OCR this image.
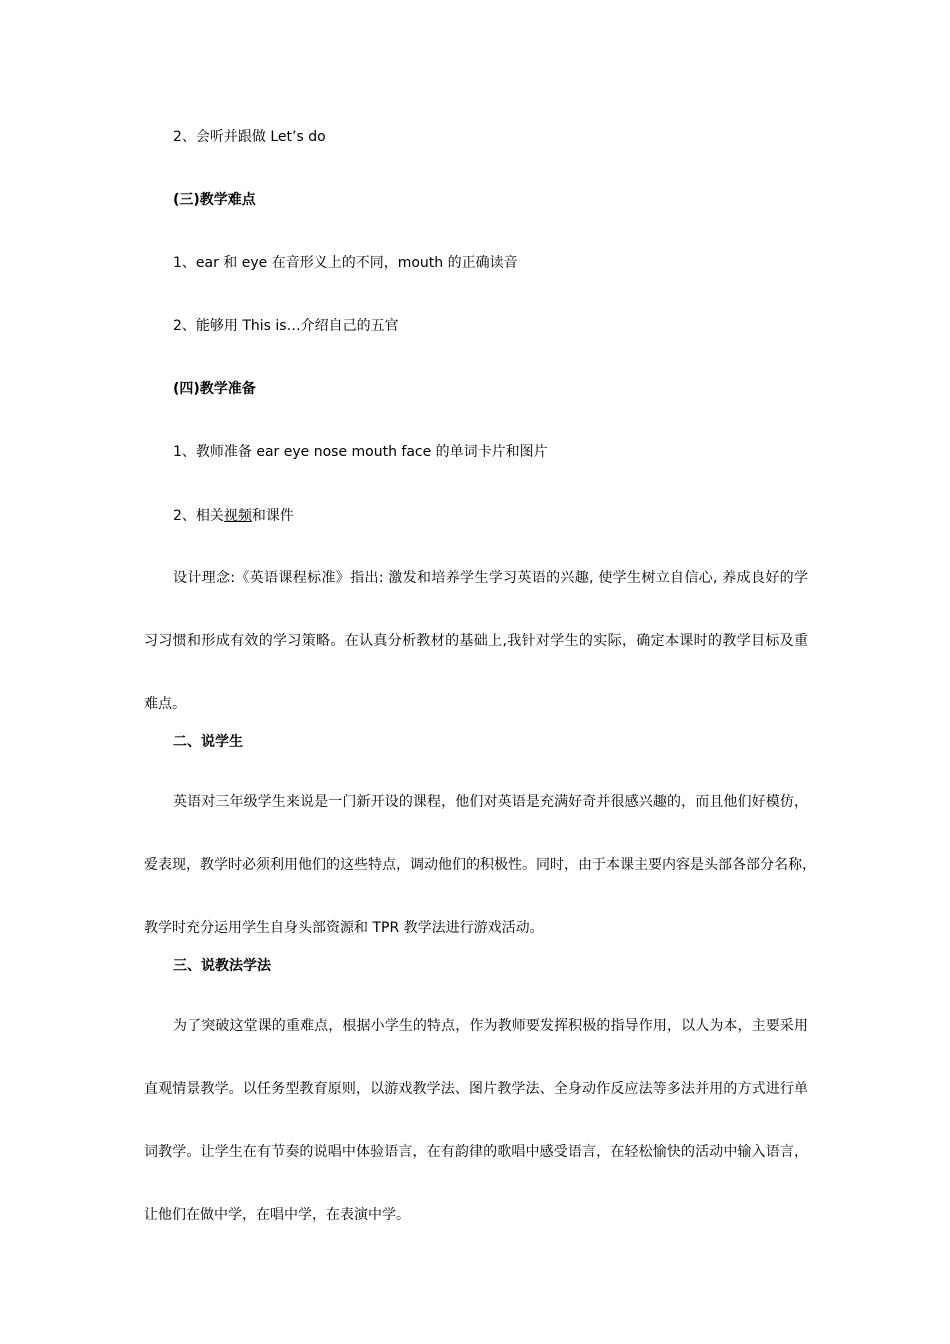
2、会听并跟做 Let’s do
(三)教学难点
1、ear 和 eye 在音形义上的不同，mouth 的正确读音
2、能够用 This is…介绍自己的五官
(四)教学准备
1、教师准备 ear eye nose mouth face 的单词卡片和图片
2、相关视频和课件
设计理念:《英语课程标准》指出: 激发和培养学生学习英语的兴趣, 使学生树立自信心, 养成良好的学
习习惯和形成有效的学习策略。在认真分析教材的基础上,我针对学生的实际，确定本课时的教学目标及重
难点。
二、说学生
英语对三年级学生来说是一门新开设的课程，他们对英语是充满好奇并很感兴趣的，而且他们好模仿，
爱表现，教学时必须利用他们的这些特点，调动他们的积极性。同时，由于本课主要内容是头部各部分名称，
教学时充分运用学生自身头部资源和 TPR 教学法进行游戏活动。
三、说教法学法
为了突破这堂课的重难点，根据小学生的特点，作为教师要发挥积极的指导作用，以人为本，主要采用
直观情景教学。以任务型教育原则，以游戏教学法、图片教学法、全身动作反应法等多法并用的方式进行单
词教学。让学生在有节奏的说唱中体验语言，在有韵律的歌唱中感受语言，在轻松愉快的活动中输入语言，
让他们在做中学，在唱中学，在表演中学。
